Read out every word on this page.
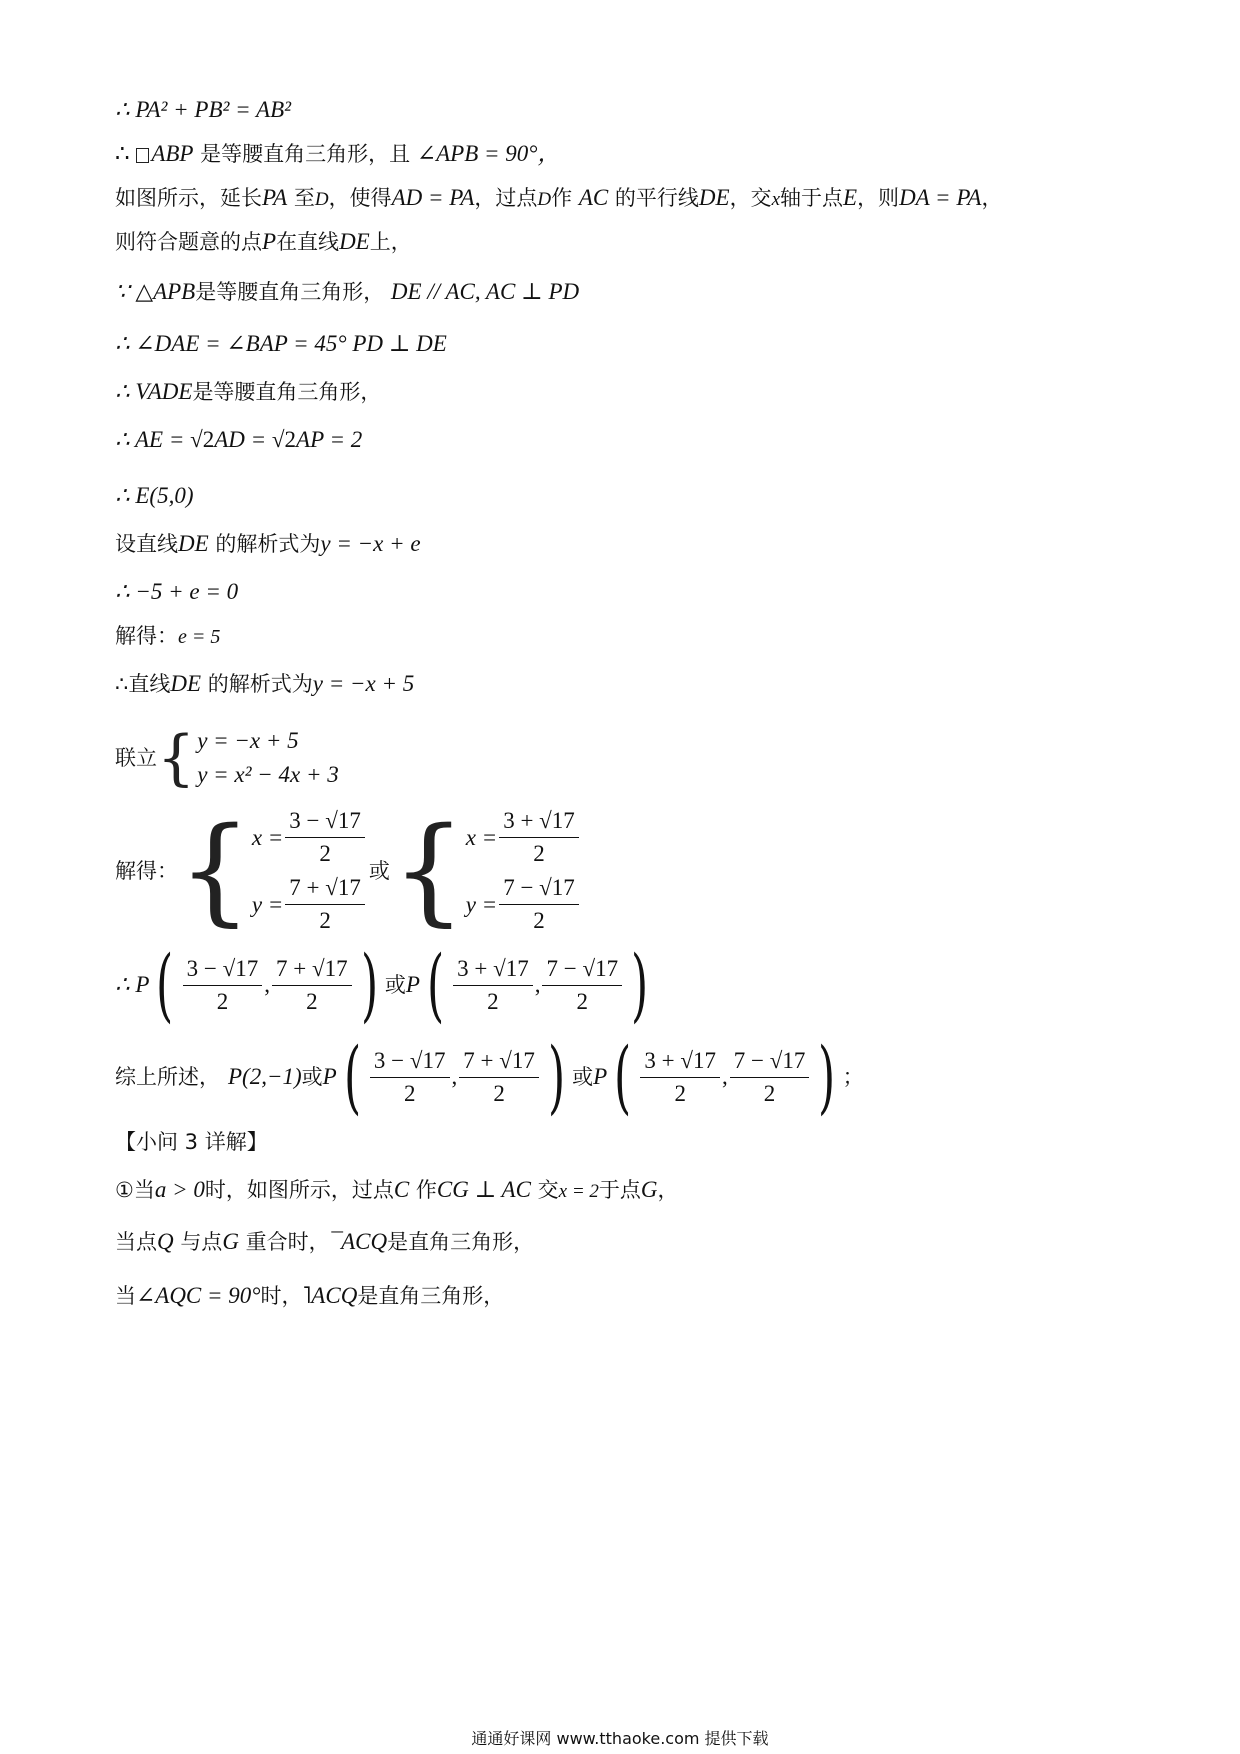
∴ PA² + PB² = AB²
∴ ABP 是等腰直角三角形，且 ∠APB = 90°，
如图所示，延长PA 至D，使得AD = PA，过点D作 AC 的平行线DE，交x轴于点E，则DA = PA，
则符合题意的点P在直线DE上，
∵ △APB是等腰直角三角形， DE // AC, AC ⊥ PD
∴ ∠DAE = ∠BAP = 45° PD ⊥ DE
∴ VADE是等腰直角三角形，
∴ AE = √2AD = √2AP = 2
∴ E(5,0)
设直线DE 的解析式为y = −x + e
∴ −5 + e = 0
解得：e = 5
∴直线DE 的解析式为y = −x + 5
联立 { y = −x + 5
y = x² − 4x + 3
解得： { $x = \frac{3 - √17}{2}$
$y = \frac{7 + √17}{2}$
或 { $x = \frac{3 + √17}{2}$
$y = \frac{7 - √17}{2}$
∴ P ( $\frac{3 - √17}{2}$ , $\frac{7 + √17}{2}$ ) 或 P ( $\frac{3 + √17}{2}$ , $\frac{7 - √17}{2}$ )
综上所述， P(2,−1) 或 P ( $\frac{3 - √17}{2}$ , $\frac{7 + √17}{2}$ ) 或 P ( $\frac{3 + √17}{2}$ , $\frac{7 - √17}{2}$ ) ；
【小问 3 详解】
①当a > 0时，如图所示，过点C 作CG ⊥ AC 交x = 2于点G，
当点Q 与点G 重合时，¯ACQ是直角三角形，
当∠AQC = 90°时，˥ACQ是直角三角形，
通通好课网 www.tthaoke.com 提供下载
